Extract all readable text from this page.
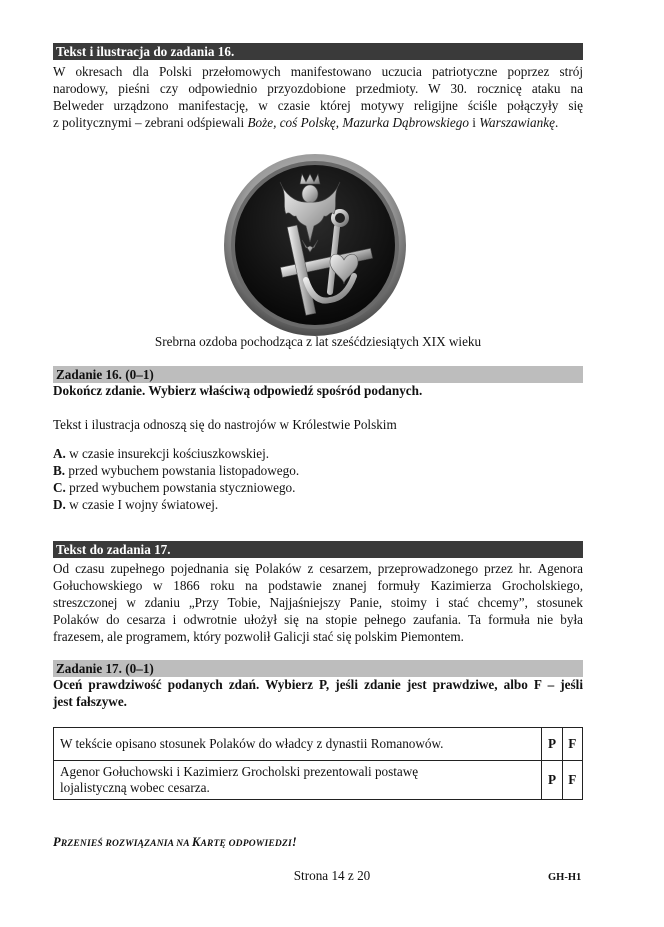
Tekst i ilustracja do zadania 16.
W okresach dla Polski przełomowych manifestowano uczucia patriotyczne poprzez strój
narodowy, pieśni czy odpowiednio przyozdobione przedmioty. W 30. rocznicę ataku na
Belweder urządzono manifestację, w czasie której motywy religijne ściśle połączyły się
z politycznymi – zebrani odśpiewali Boże, coś Polskę, Mazurka Dąbrowskiego i Warszawiankę.
Srebrna ozdoba pochodząca z lat sześćdziesiątych XIX wieku
Zadanie 16. (0–1)
Dokończ zdanie. Wybierz właściwą odpowiedź spośród podanych.
Tekst i ilustracja odnoszą się do nastrojów w Królestwie Polskim
A. w czasie insurekcji kościuszkowskiej.
B. przed wybuchem powstania listopadowego.
C. przed wybuchem powstania styczniowego.
D. w czasie I wojny światowej.
Tekst do zadania 17.
Od czasu zupełnego pojednania się Polaków z cesarzem, przeprowadzonego przez hr. Agenora
Gołuchowskiego w 1866 roku na podstawie znanej formuły Kazimierza Grocholskiego,
streszczonej w zdaniu „Przy Tobie, Najjaśniejszy Panie, stoimy i stać chcemy”, stosunek
Polaków do cesarza i odwrotnie ułożył się na stopie pełnego zaufania. Ta formuła nie była
frazesem, ale programem, który pozwolił Galicji stać się polskim Piemontem.
Zadanie 17. (0–1)
Oceń prawdziwość podanych zdań. Wybierz P, jeśli zdanie jest prawdziwe, albo F – jeśli
jest fałszywe.
W tekście opisano stosunek Polaków do władcy z dynastii Romanowów.	P	F

Agenor Gołuchowski i Kazimierz Grocholski prezentowali postawę
lojalistyczną wobec cesarza.	P	F
PRZENIEŚ ROZWIĄZANIA NA KARTĘ ODPOWIEDZI!
Strona 14 z 20	GH-H1
